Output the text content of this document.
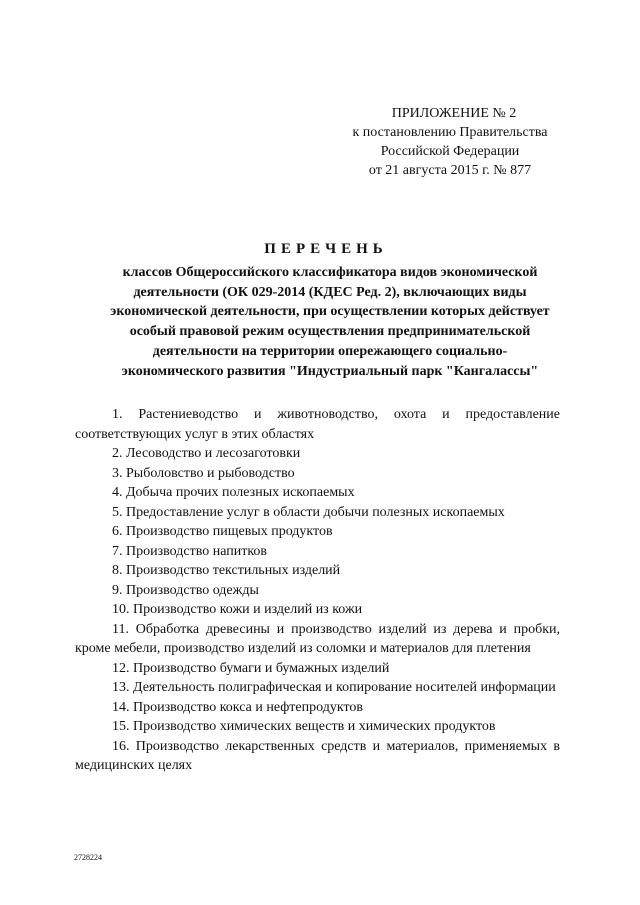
ПРИЛОЖЕНИЕ № 2
к постановлению Правительства
Российской Федерации
от 21 августа 2015 г. № 877
ПЕРЕЧЕНЬ
классов Общероссийского классификатора видов экономической
деятельности (ОК 029-2014 (КДЕС Ред. 2), включающих виды
экономической деятельности, при осуществлении которых действует
особый правовой режим осуществления предпринимательской
деятельности на территории опережающего социально-
экономического развития "Индустриальный парк "Кангалассы"

1. Растениеводство и животноводство, охота и предоставление соответствующих услуг в этих областях

2. Лесоводство и лесозаготовки

3. Рыболовство и рыбоводство

4. Добыча прочих полезных ископаемых

5. Предоставление услуг в области добычи полезных ископаемых

6. Производство пищевых продуктов

7. Производство напитков

8. Производство текстильных изделий

9. Производство одежды

10. Производство кожи и изделий из кожи

11. Обработка древесины и производство изделий из дерева и пробки, кроме мебели, производство изделий из соломки и материалов для плетения

12. Производство бумаги и бумажных изделий

13. Деятельность полиграфическая и копирование носителей информации

14. Производство кокса и нефтепродуктов

15. Производство химических веществ и химических продуктов

16. Производство лекарственных средств и материалов, применяемых в медицинских целях

2728224
